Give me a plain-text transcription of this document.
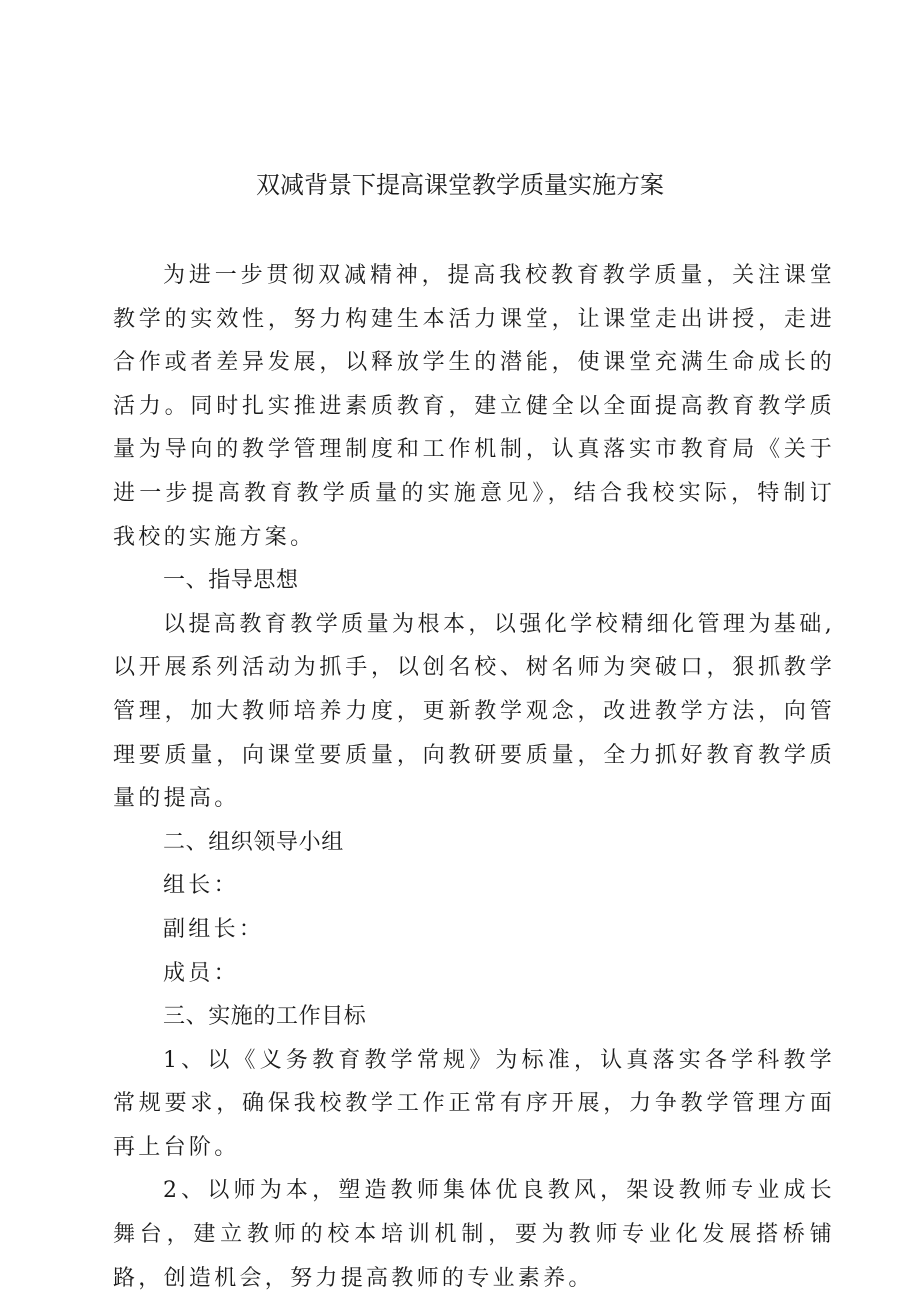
双减背景下提高课堂教学质量实施方案

为进一步贯彻双减精神，提高我校教育教学质量，关注课堂教学的实效性，努力构建生本活力课堂，让课堂走出讲授，走进合作或者差异发展，以释放学生的潜能，使课堂充满生命成长的活力。同时扎实推进素质教育，建立健全以全面提高教育教学质量为导向的教学管理制度和工作机制，认真落实市教育局《关于进一步提高教育教学质量的实施意见》，结合我校实际，特制订我校的实施方案。

一、指导思想

以提高教育教学质量为根本，以强化学校精细化管理为基础,以开展系列活动为抓手，以创名校、树名师为突破口，狠抓教学管理，加大教师培养力度，更新教学观念，改进教学方法，向管理要质量，向课堂要质量，向教研要质量，全力抓好教育教学质量的提高。

二、组织领导小组

组长：

副组长：

成员：

三、实施的工作目标

1、以《义务教育教学常规》为标准，认真落实各学科教学常规要求，确保我校教学工作正常有序开展，力争教学管理方面再上台阶。

2、以师为本，塑造教师集体优良教风，架设教师专业成长舞台，建立教师的校本培训机制，要为教师专业化发展搭桥铺路，创造机会，努力提高教师的专业素养。
